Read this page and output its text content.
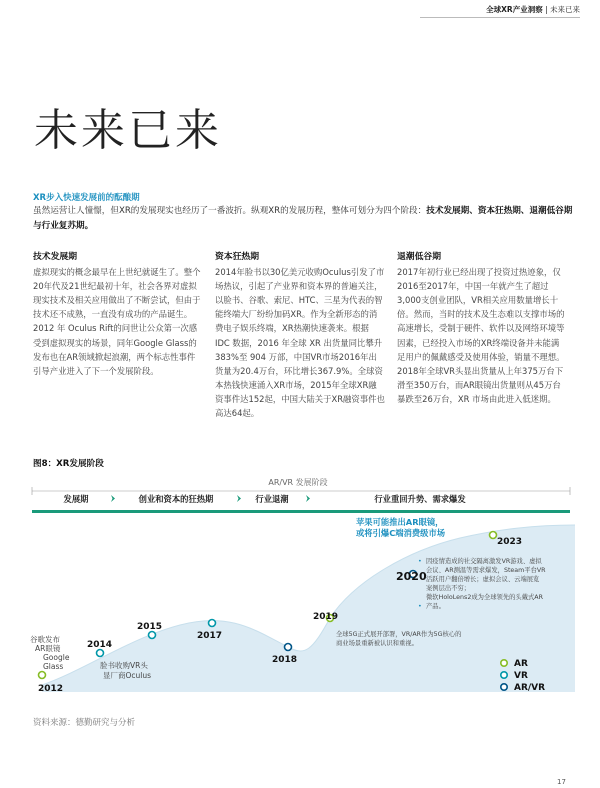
全球XR产业洞察 | 未来已来
未来已来
XR步入快速发展前的酝酿期
虽然运营让人憧憬，但XR的发展现实也经历了一番波折。纵观XR的发展历程，整体可划分为四个阶段：技术发展期、资本狂热期、退潮低谷期与行业复苏期。
技术发展期

虚拟现实的概念最早在上世纪就诞生了。整个20年代及21世纪最初十年，社会各界对虚拟现实技术及相关应用做出了不断尝试，但由于技术还不成熟，一直没有成功的产品诞生。2012 年 Oculus Rift的问世让公众第一次感受到虚拟现实的场景，同年Google Glass的发布也在AR领域掀起浪潮，两个标志性事件引导产业进入了下一个发展阶段。

资本狂热期

2014年脸书以30亿美元收购Oculus引发了市场热议，引起了产业界和资本界的普遍关注，以脸书、谷歌、索尼、HTC、三星为代表的智能终端大厂纷纷加码XR。作为全新形态的消费电子娱乐终端，XR热潮快速袭来。根据 IDC 数据，2016 年全球 XR 出货量同比攀升 383%至 904 万部，中国VR市场2016年出货量为20.4万台，环比增长367.9%。全球资本热钱快速涌入XR市场，2015年全球XR融资事件达152起，中国大陆关于XR融资事件也高达64起。

退潮低谷期

2017年初行业已经出现了投资过热迹象，仅2016至2017年，中国一年就产生了超过3,000支创业团队，VR相关应用数量增长十倍。然而，当时的技术及生态难以支撑市场的高速增长，受制于硬件、软件以及网络环境等因素，已经投入市场的XR终端设备并未能满足用户的佩戴感受及使用体验，销量不理想。2018年全球VR头显出货量从上年375万台下滑至350万台，而AR眼镜出货量则从45万台暴跌至26万台，XR 市场由此进入低迷期。

图8：XR发展阶段
AR/VR 发展阶段
发展期	创业和资本的狂热期	行业退潮	行业重回升势、需求爆发
2012
2014
2015
2017
2018
2019
2020
2023
谷歌发布
AR眼镜
Google
Glass	脸书收购VR头
显厂商Oculus
苹果可能推出AR眼镜，
或将引爆C端消费级市场
全球5G正式展开部署，VR/AR作为5G核心的
商业场景重新被认识和重视。
• 因疫情造成的社交隔离激发VR游戏、虚拟
会议、AR测温等需求爆发，Steam平台VR
活跃用户翻倍增长；虚拟会议、云端展览
案例层出不穷；
微软HoloLens2成为全球领先的头戴式AR
• 产品。
AR
VR
AR/VR
资料来源：德勤研究与分析
17
